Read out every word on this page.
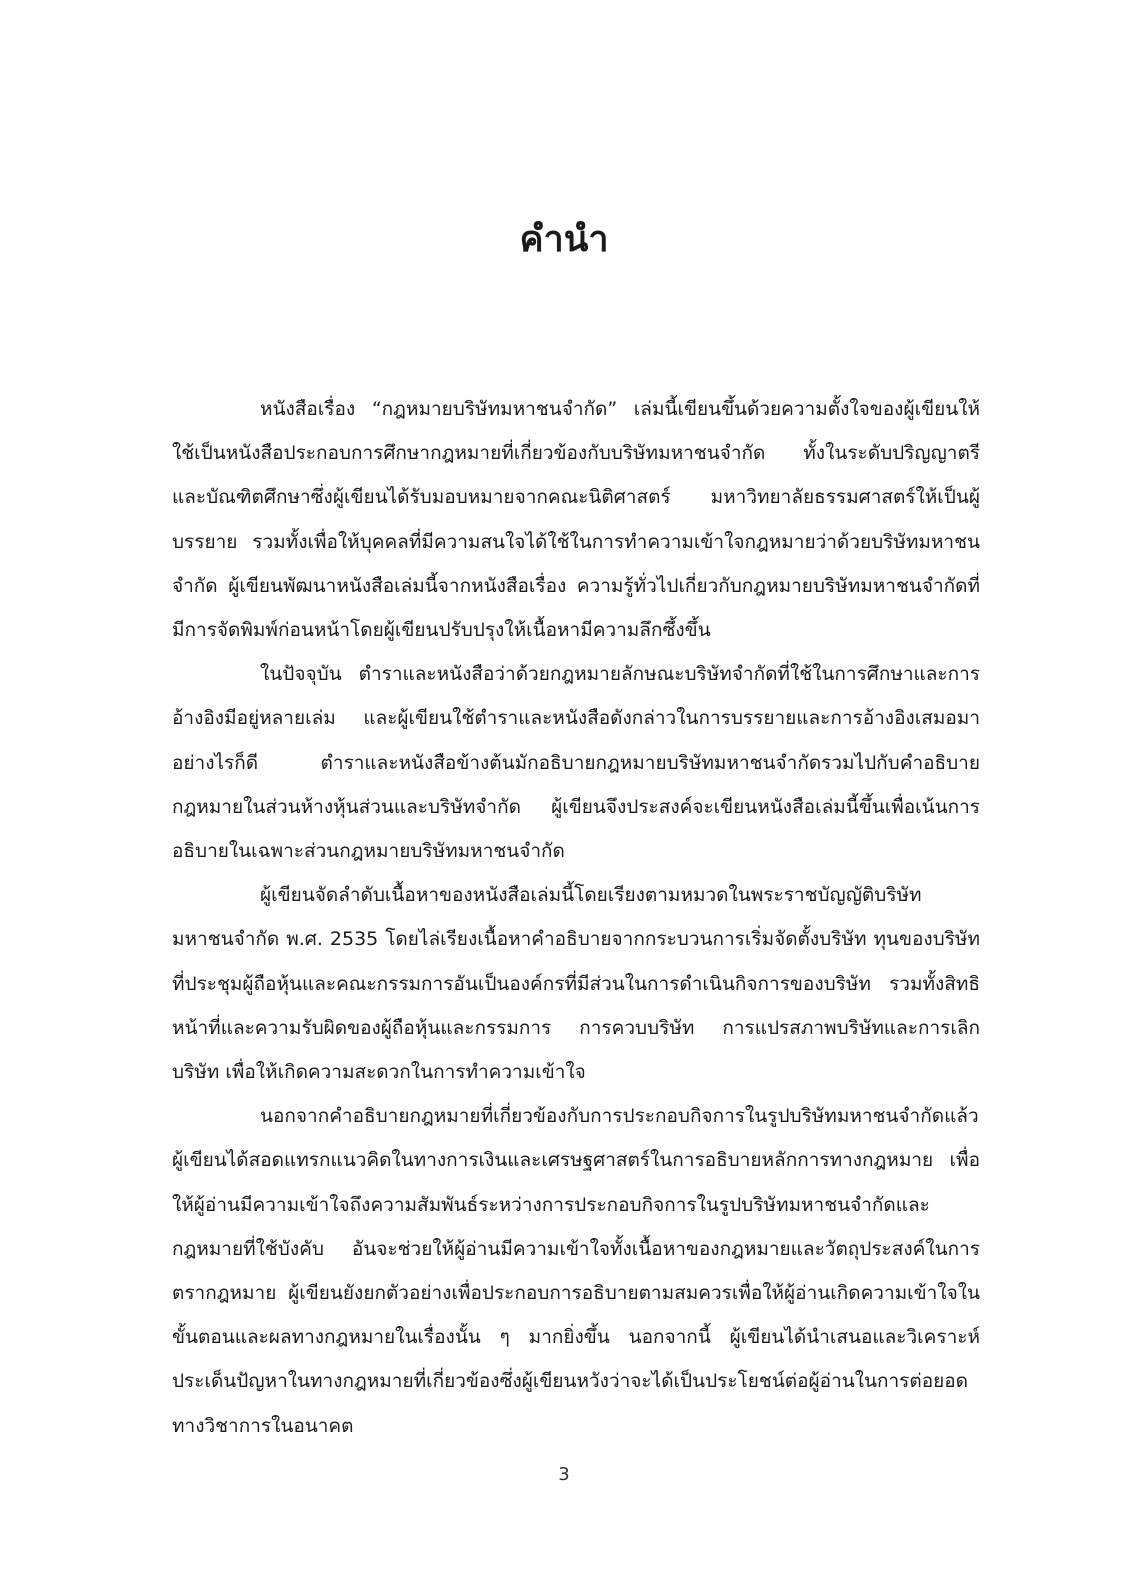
คำนำ

หนังสือเรื่อง “กฎหมายบริษัทมหาชนจำกัด” เล่มนี้เขียนขึ้นด้วยความตั้งใจของผู้เขียนให้ใช้เป็นหนังสือประกอบการศึกษากฎหมายที่เกี่ยวข้องกับบริษัทมหาชนจำกัด ทั้งในระดับปริญญาตรีและบัณฑิตศึกษาซึ่งผู้เขียนได้รับมอบหมายจากคณะนิติศาสตร์ มหาวิทยาลัยธรรมศาสตร์ให้เป็นผู้บรรยาย รวมทั้งเพื่อให้บุคคลที่มีความสนใจได้ใช้ในการทำความเข้าใจกฎหมายว่าด้วยบริษัทมหาชนจำกัด ผู้เขียนพัฒนาหนังสือเล่มนี้จากหนังสือเรื่อง ความรู้ทั่วไปเกี่ยวกับกฎหมายบริษัทมหาชนจำกัดที่มีการจัดพิมพ์ก่อนหน้าโดยผู้เขียนปรับปรุงให้เนื้อหามีความลึกซึ้งขึ้น

ในปัจจุบัน ตำราและหนังสือว่าด้วยกฎหมายลักษณะบริษัทจำกัดที่ใช้ในการศึกษาและการอ้างอิงมีอยู่หลายเล่ม และผู้เขียนใช้ตำราและหนังสือดังกล่าวในการบรรยายและการอ้างอิงเสมอมา อย่างไรก็ดี ตำราและหนังสือข้างต้นมักอธิบายกฎหมายบริษัทมหาชนจำกัดรวมไปกับคำอธิบายกฎหมายในส่วนห้างหุ้นส่วนและบริษัทจำกัด ผู้เขียนจึงประสงค์จะเขียนหนังสือเล่มนี้ขึ้นเพื่อเน้นการอธิบายในเฉพาะส่วนกฎหมายบริษัทมหาชนจำกัด

ผู้เขียนจัดลำดับเนื้อหาของหนังสือเล่มนี้โดยเรียงตามหมวดในพระราชบัญญัติบริษัทมหาชนจำกัด พ.ศ. 2535 โดยไล่เรียงเนื้อหาคำอธิบายจากกระบวนการเริ่มจัดตั้งบริษัท ทุนของบริษัท ที่ประชุมผู้ถือหุ้นและคณะกรรมการอันเป็นองค์กรที่มีส่วนในการดำเนินกิจการของบริษัท รวมทั้งสิทธิ หน้าที่และความรับผิดของผู้ถือหุ้นและกรรมการ การควบบริษัท การแปรสภาพบริษัทและการเลิกบริษัท เพื่อให้เกิดความสะดวกในการทำความเข้าใจ

นอกจากคำอธิบายกฎหมายที่เกี่ยวข้องกับการประกอบกิจการในรูปบริษัทมหาชนจำกัดแล้ว ผู้เขียนได้สอดแทรกแนวคิดในทางการเงินและเศรษฐศาสตร์ในการอธิบายหลักการทางกฎหมาย เพื่อให้ผู้อ่านมีความเข้าใจถึงความสัมพันธ์ระหว่างการประกอบกิจการในรูปบริษัทมหาชนจำกัดและกฎหมายที่ใช้บังคับ อันจะช่วยให้ผู้อ่านมีความเข้าใจทั้งเนื้อหาของกฎหมายและวัตถุประสงค์ในการตรากฎหมาย ผู้เขียนยังยกตัวอย่างเพื่อประกอบการอธิบายตามสมควรเพื่อให้ผู้อ่านเกิดความเข้าใจในขั้นตอนและผลทางกฎหมายในเรื่องนั้น ๆ มากยิ่งขึ้น นอกจากนี้ ผู้เขียนได้นำเสนอและวิเคราะห์ประเด็นปัญหาในทางกฎหมายที่เกี่ยวข้องซึ่งผู้เขียนหวังว่าจะได้เป็นประโยชน์ต่อผู้อ่านในการต่อยอดทางวิชาการในอนาคต

3
